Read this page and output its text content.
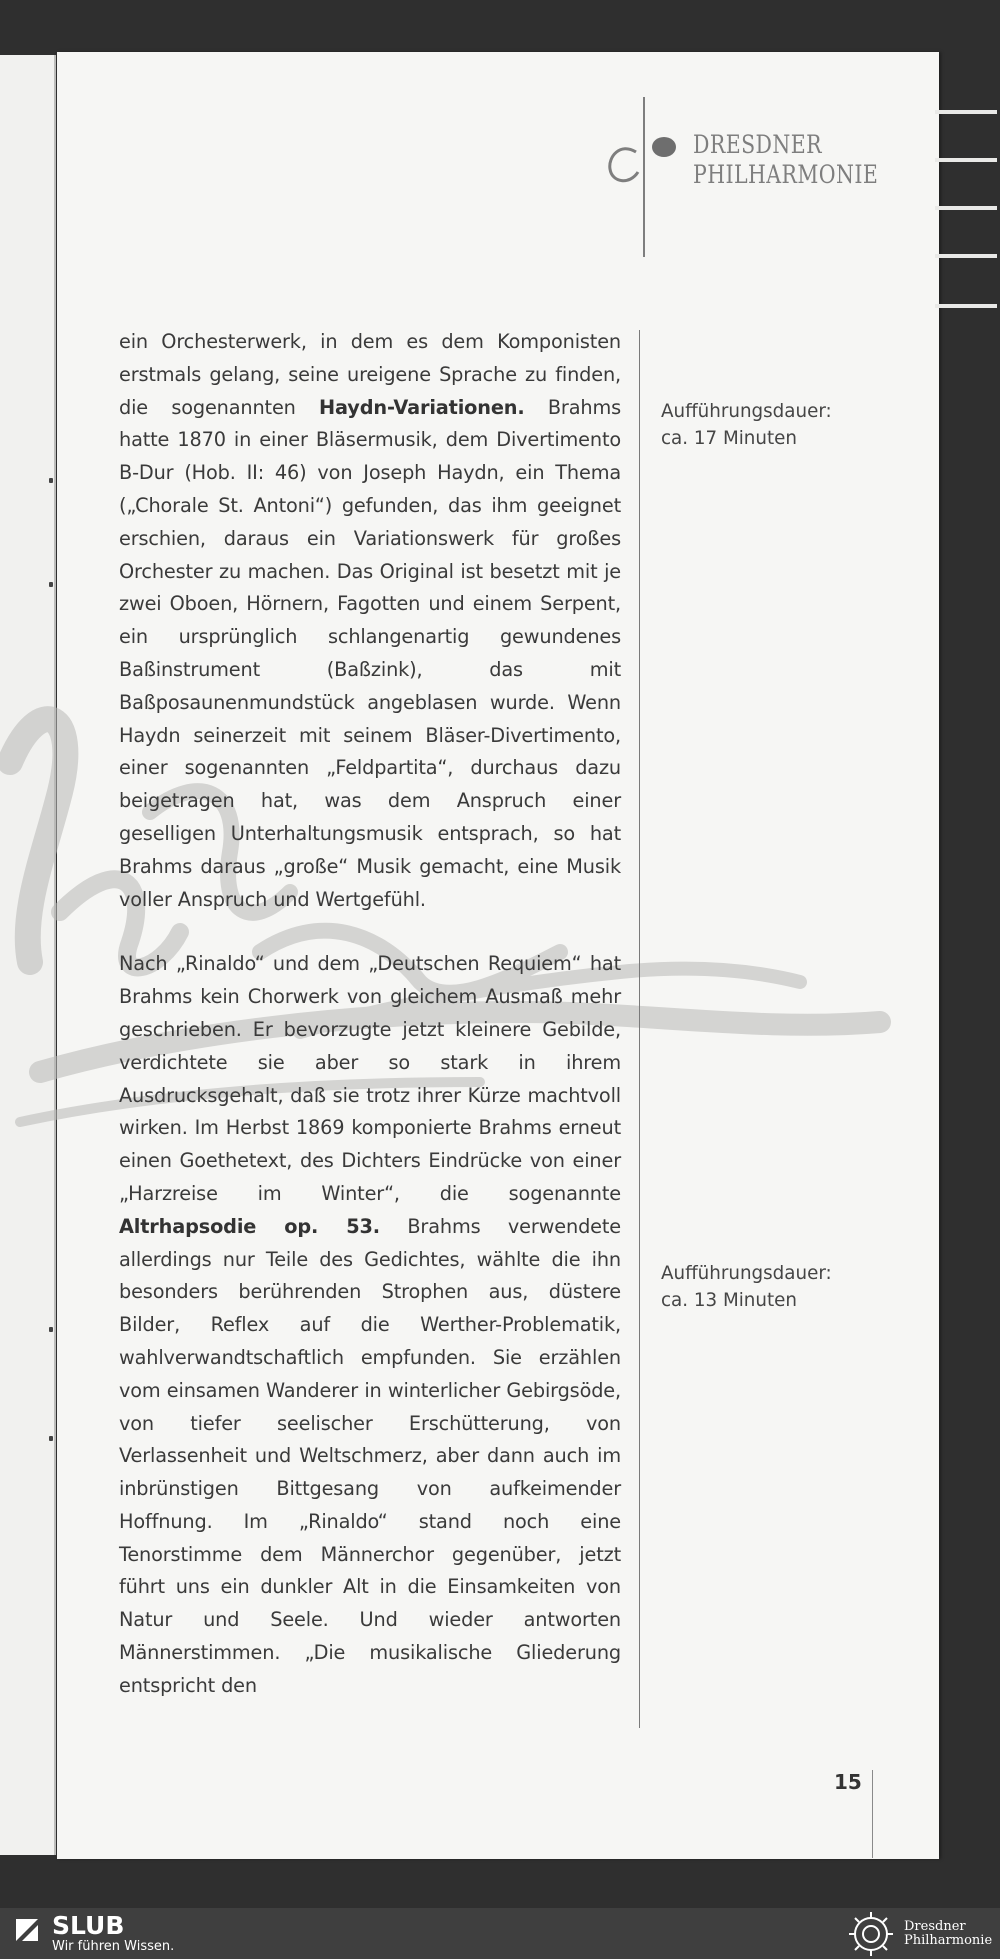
DRESDNER
PHILHARMONIE

ein Orchesterwerk, in dem es dem Komponisten erstmals gelang, seine ureigene Sprache zu finden, die sogenannten Haydn-Variationen. Brahms hatte 1870 in einer Bläsermusik, dem Divertimento B-Dur (Hob. II: 46) von Joseph Haydn, ein Thema („Chorale St. Antoni“) gefunden, das ihm geeignet erschien, daraus ein Variationswerk für großes Orchester zu machen. Das Original ist besetzt mit je zwei Oboen, Hörnern, Fagotten und einem Serpent, ein ursprünglich schlangenartig gewundenes Baßinstrument (Baßzink), das mit Baßposaunenmundstück angeblasen wurde. Wenn Haydn seinerzeit mit seinem Bläser-Divertimento, einer sogenannten „Feldpartita“, durchaus dazu beigetragen hat, was dem Anspruch einer geselligen Unterhaltungsmusik entsprach, so hat Brahms daraus „große“ Musik gemacht, eine Musik voller Anspruch und Wertgefühl.

Nach „Rinaldo“ und dem „Deutschen Requiem“ hat Brahms kein Chorwerk von gleichem Ausmaß mehr geschrieben. Er bevorzugte jetzt kleinere Gebilde, verdichtete sie aber so stark in ihrem Ausdrucksgehalt, daß sie trotz ihrer Kürze machtvoll wirken. Im Herbst 1869 komponierte Brahms erneut einen Goethetext, des Dichters Eindrücke von einer „Harzreise im Winter“, die sogenannte Altrhapsodie op. 53. Brahms verwendete allerdings nur Teile des Gedichtes, wählte die ihn besonders berührenden Strophen aus, düstere Bilder, Reflex auf die Werther-Problematik, wahlverwandtschaftlich empfunden. Sie erzählen vom einsamen Wanderer in winterlicher Gebirgsöde, von tiefer seelischer Erschütterung, von Verlassenheit und Weltschmerz, aber dann auch im inbrünstigen Bittgesang von aufkeimender Hoffnung. Im „Rinaldo“ stand noch eine Tenorstimme dem Männerchor gegenüber, jetzt führt uns ein dunkler Alt in die Einsamkeiten von Natur und Seele. Und wieder antworten Männerstimmen. „Die musikalische Gliederung entspricht den

Aufführungsdauer:
ca. 17 Minuten
Aufführungsdauer:
ca. 13 Minuten
15
SLUB
Wir führen Wissen.
Dresdner
Philharmonie
